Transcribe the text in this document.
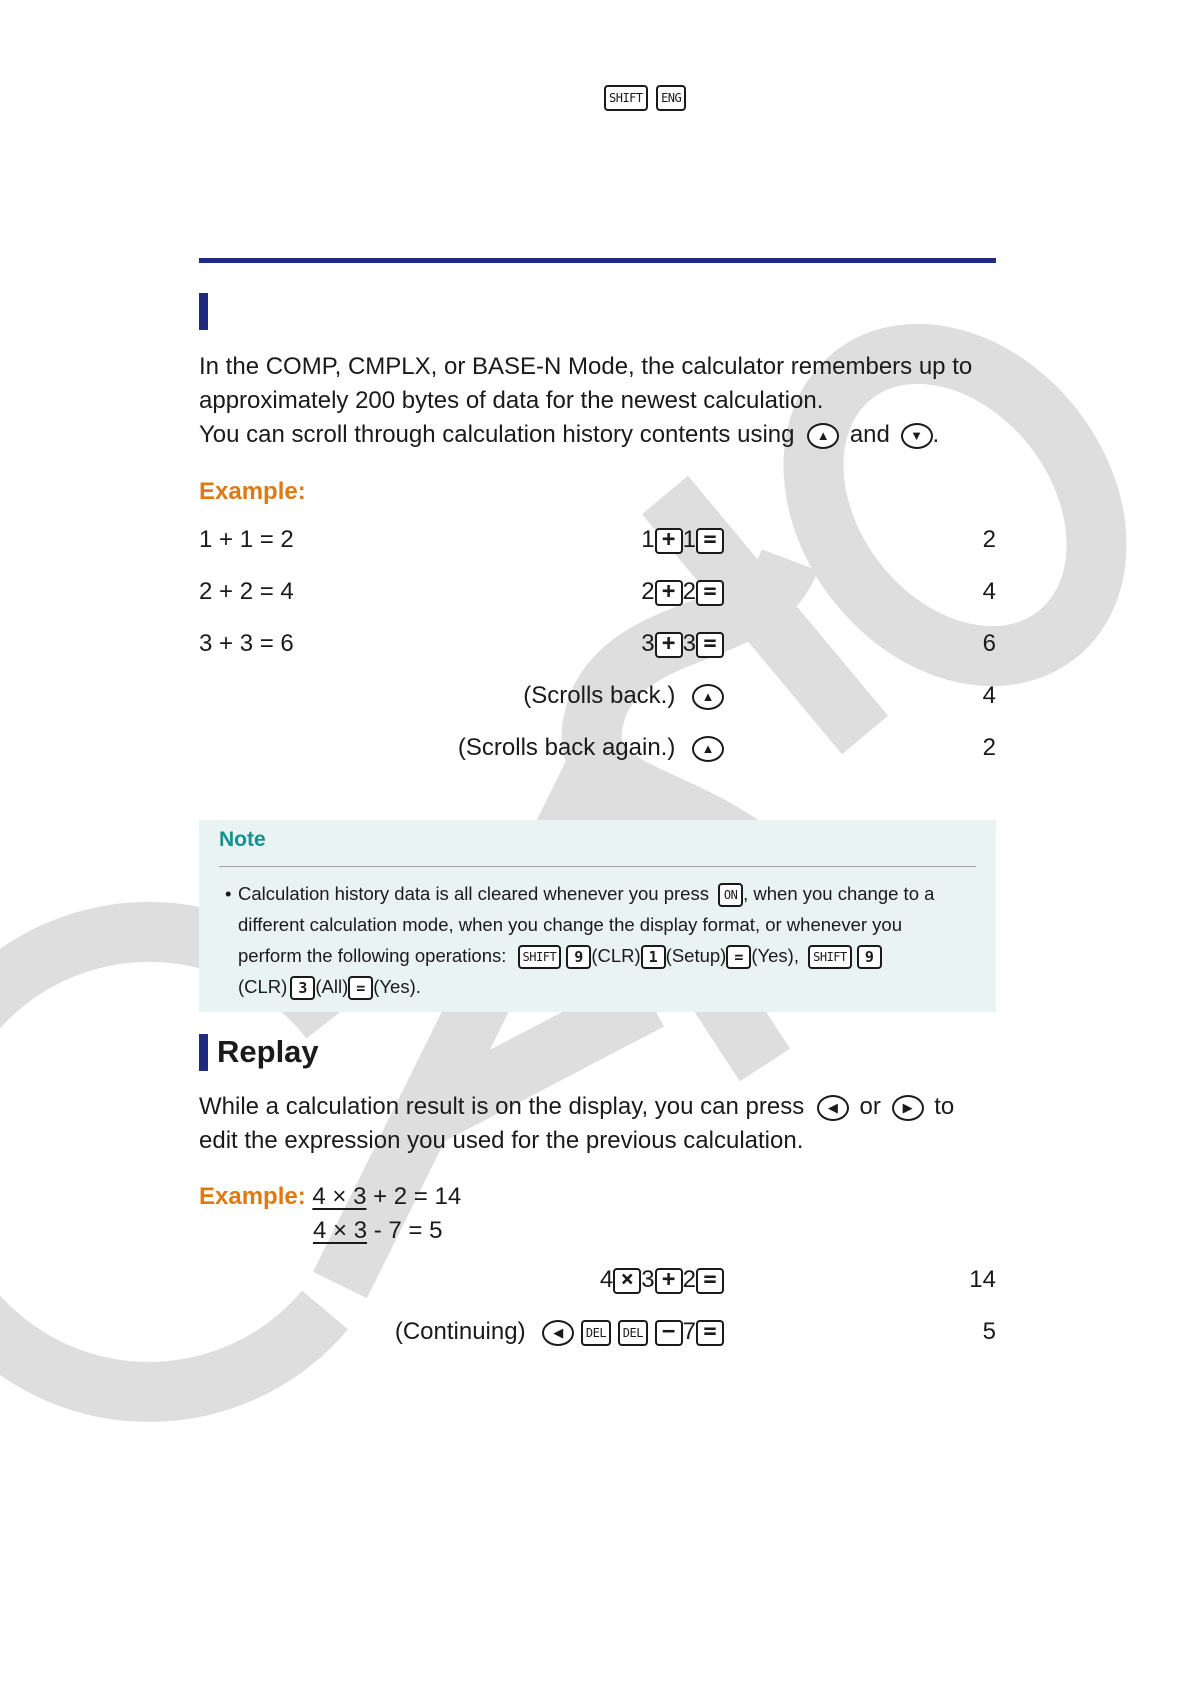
SHIFT ENG
In the COMP, CMPLX, or BASE-N Mode, the calculator remembers up to
approximately 200 bytes of data for the newest calculation.
You can scroll through calculation history contents using ▲ and ▼ .
Example:
1 + 1 = 2	1 + 1 =	2
2 + 2 = 4	2 + 2 =	4
3 + 3 = 6	3 + 3 =	6
(Scrolls back.) ▲	4
(Scrolls back again.) ▲	2
Note
• Calculation history data is all cleared whenever you press ON , when you change to a
different calculation mode, when you change the display format, or whenever you
perform the following operations: SHIFT 9 (CLR) 1 (Setup) = (Yes), SHIFT 9
(CLR) 3 (All) = (Yes).
Replay
While a calculation result is on the display, you can press ◀ or ▶ to
edit the expression you used for the previous calculation.
Example: 4 × 3 + 2 = 14
4 × 3 - 7 = 5
4 × 3 + 2 =	14
(Continuing) ◀ DEL DEL − 7 =	5
